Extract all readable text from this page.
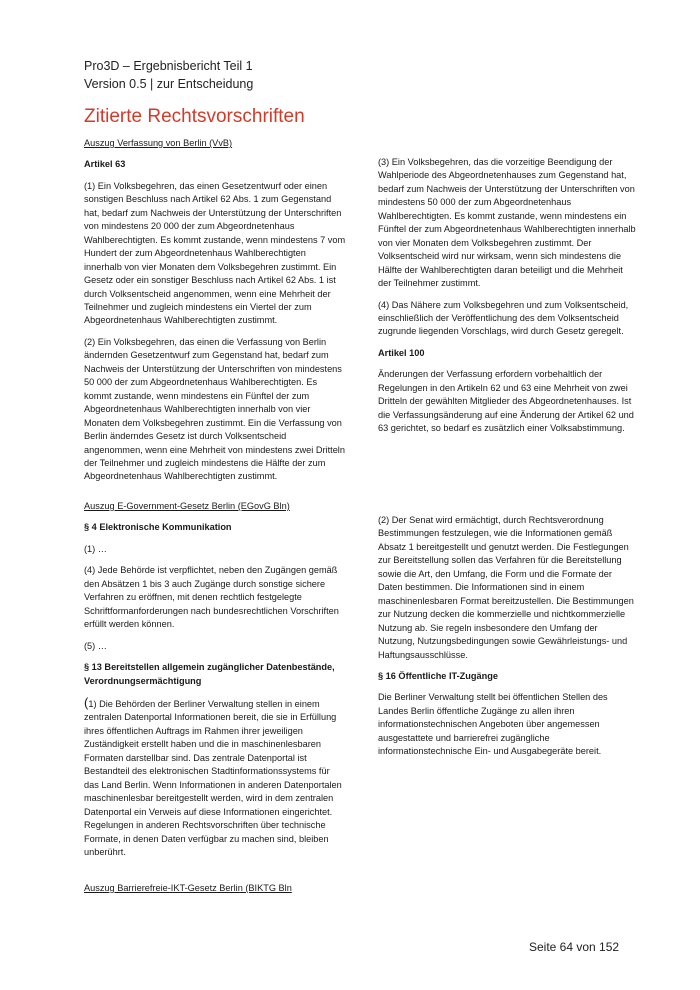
Pro3D – Ergebnisbericht Teil 1
Version 0.5 | zur Entscheidung
Zitierte Rechtsvorschriften

Auszug Verfassung von Berlin (VvB)

Artikel 63

(1) Ein Volksbegehren, das einen Gesetzentwurf oder einen sonstigen Beschluss nach Artikel 62 Abs. 1 zum Gegenstand hat, bedarf zum Nachweis der Unterstützung der Unterschriften von mindestens 20 000 der zum Abgeordnetenhaus Wahlberechtigten. Es kommt zustande, wenn mindestens 7 vom Hundert der zum Abgeordnetenhaus Wahlberechtigten innerhalb von vier Monaten dem Volksbegehren zustimmt. Ein Gesetz oder ein sonstiger Beschluss nach Artikel 62 Abs. 1 ist durch Volksentscheid angenommen, wenn eine Mehrheit der Teilnehmer und zugleich mindestens ein Viertel der zum Abgeordnetenhaus Wahlberechtigten zustimmt.

(2) Ein Volksbegehren, das einen die Verfassung von Berlin ändernden Gesetzentwurf zum Gegenstand hat, bedarf zum Nachweis der Unterstützung der Unterschriften von mindestens 50 000 der zum Abgeordnetenhaus Wahlberechtigten. Es kommt zustande, wenn mindestens ein Fünftel der zum Abgeordnetenhaus Wahlberechtigten innerhalb von vier Monaten dem Volksbegehren zustimmt. Ein die Verfassung von Berlin änderndes Gesetz ist durch Volksentscheid angenommen, wenn eine Mehrheit von mindestens zwei Dritteln der Teilnehmer und zugleich mindestens die Hälfte der zum Abgeordnetenhaus Wahlberechtigten zustimmt.

(3) Ein Volksbegehren, das die vorzeitige Beendigung der Wahlperiode des Abgeordnetenhauses zum Gegenstand hat, bedarf zum Nachweis der Unterstützung der Unterschriften von mindestens 50 000 der zum Abgeordnetenhaus Wahlberechtigten. Es kommt zustande, wenn mindestens ein Fünftel der zum Abgeordnetenhaus Wahlberechtigten innerhalb von vier Monaten dem Volksbegehren zustimmt. Der Volksentscheid wird nur wirksam, wenn sich mindestens die Hälfte der Wahlberechtigten daran beteiligt und die Mehrheit der Teilnehmer zustimmt.

(4) Das Nähere zum Volksbegehren und zum Volksentscheid, einschließlich der Veröffentlichung des dem Volksentscheid zugrunde liegenden Vorschlags, wird durch Gesetz geregelt.

Artikel 100

Änderungen der Verfassung erfordern vorbehaltlich der Regelungen in den Artikeln 62 und 63 eine Mehrheit von zwei Dritteln der gewählten Mitglieder des Abgeordnetenhauses. Ist die Verfassungsänderung auf eine Änderung der Artikel 62 und 63 gerichtet, so bedarf es zusätzlich einer Volksabstimmung.

Auszug E-Government-Gesetz Berlin (EGovG Bln)

§ 4 Elektronische Kommunikation

(1) …

(4) Jede Behörde ist verpflichtet, neben den Zugängen gemäß den Absätzen 1 bis 3 auch Zugänge durch sonstige sichere Verfahren zu eröffnen, mit denen rechtlich festgelegte Schriftformanforderungen nach bundesrechtlichen Vorschriften erfüllt werden können.

(5) …

§ 13 Bereitstellen allgemein zugänglicher Datenbestände, Verordnungsermächtigung

(1) Die Behörden der Berliner Verwaltung stellen in einem zentralen Datenportal Informationen bereit, die sie in Erfüllung ihres öffentlichen Auftrags im Rahmen ihrer jeweiligen Zuständigkeit erstellt haben und die in maschinenlesbaren Formaten darstellbar sind. Das zentrale Datenportal ist Bestandteil des elektronischen Stadtinformationssystems für das Land Berlin. Wenn Informationen in anderen Datenportalen maschinenlesbar bereitgestellt werden, wird in dem zentralen Datenportal ein Verweis auf diese Informationen eingerichtet. Regelungen in anderen Rechtsvorschriften über technische Formate, in denen Daten verfügbar zu machen sind, bleiben unberührt.

(2) Der Senat wird ermächtigt, durch Rechtsverordnung Bestimmungen festzulegen, wie die Informationen gemäß Absatz 1 bereitgestellt und genutzt werden. Die Festlegungen zur Bereitstellung sollen das Verfahren für die Bereitstellung sowie die Art, den Umfang, die Form und die Formate der Daten bestimmen. Die Informationen sind in einem maschinenlesbaren Format bereitzustellen. Die Bestimmungen zur Nutzung decken die kommerzielle und nichtkommerzielle Nutzung ab. Sie regeln insbesondere den Umfang der Nutzung, Nutzungsbedingungen sowie Gewährleistungs- und Haftungsausschlüsse.

§ 16 Öffentliche IT-Zugänge

Die Berliner Verwaltung stellt bei öffentlichen Stellen des Landes Berlin öffentliche Zugänge zu allen ihren informationstechnischen Angeboten über angemessen ausgestattete und barrierefrei zugängliche informationstechnische Ein- und Ausgabegeräte bereit.

Auszug Barrierefreie-IKT-Gesetz Berlin (BIKTG Bln
Seite 64 von 152
